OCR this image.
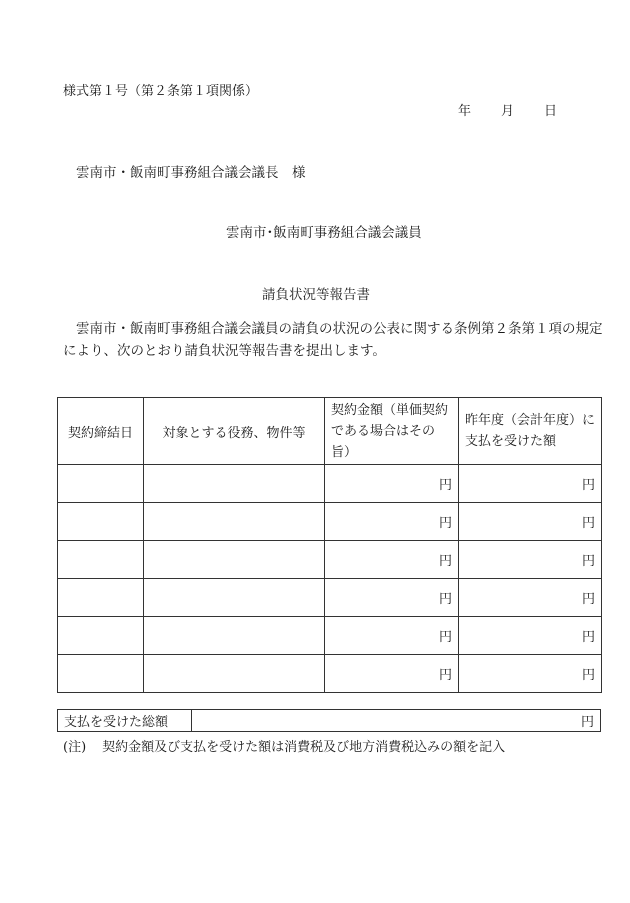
様式第１号（第２条第１項関係）
年 月 日
雲南市・飯南町事務組合議会議長　様
雲南市･飯南町事務組合議会議員
請負状況等報告書
雲南市・飯南町事務組合議会議員の請負の状況の公表に関する条例第２条第１項の規定により、次のとおり請負状況等報告書を提出します。
契約締結日	対象とする役務、物件等	契約金額（単価契約である場合はその旨）	昨年度（会計年度）に支払を受けた額
		円	円
		円	円
		円	円
		円	円
		円	円
		円	円
支払を受けた総額	円
(注) 契約金額及び支払を受けた額は消費税及び地方消費税込みの額を記入
